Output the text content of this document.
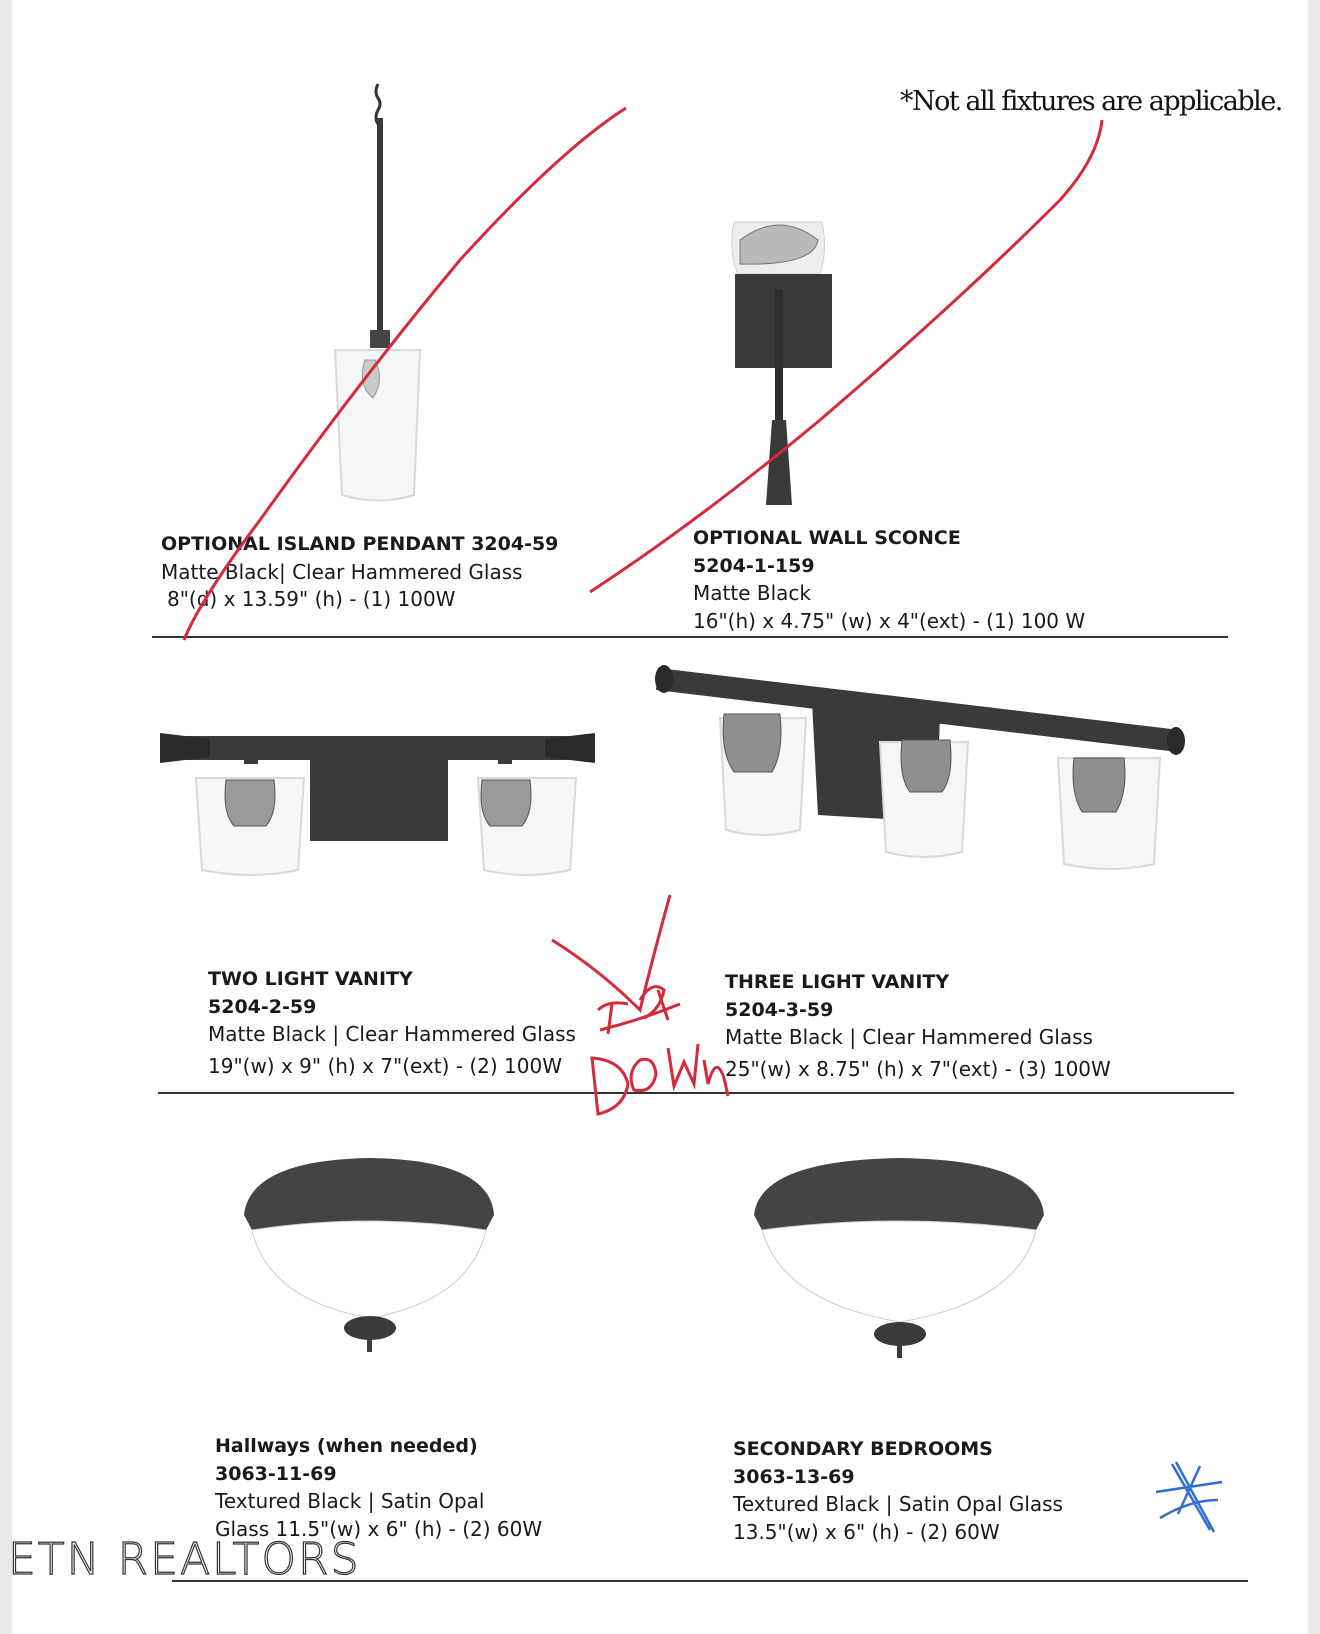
*Not all fixtures are applicable.
OPTIONAL ISLAND PENDANT 3204-59
Matte Black| Clear Hammered Glass
8"(d) x 13.59" (h) - (1) 100W
OPTIONAL WALL SCONCE
5204-1-159
Matte Black
16"(h) x 4.75" (w) x 4"(ext) - (1) 100 W
TWO LIGHT VANITY
5204-2-59
Matte Black | Clear Hammered Glass
19"(w) x 9" (h) x 7"(ext) - (2) 100W
THREE LIGHT VANITY
5204-3-59
Matte Black | Clear Hammered Glass
25"(w) x 8.75" (h) x 7"(ext) - (3) 100W
Hallways (when needed)
3063-11-69
Textured Black | Satin Opal
Glass 11.5"(w) x 6" (h) - (2) 60W
SECONDARY BEDROOMS
3063-13-69
Textured Black | Satin Opal Glass
13.5"(w) x 6" (h) - (2) 60W
ETN REALTORS
